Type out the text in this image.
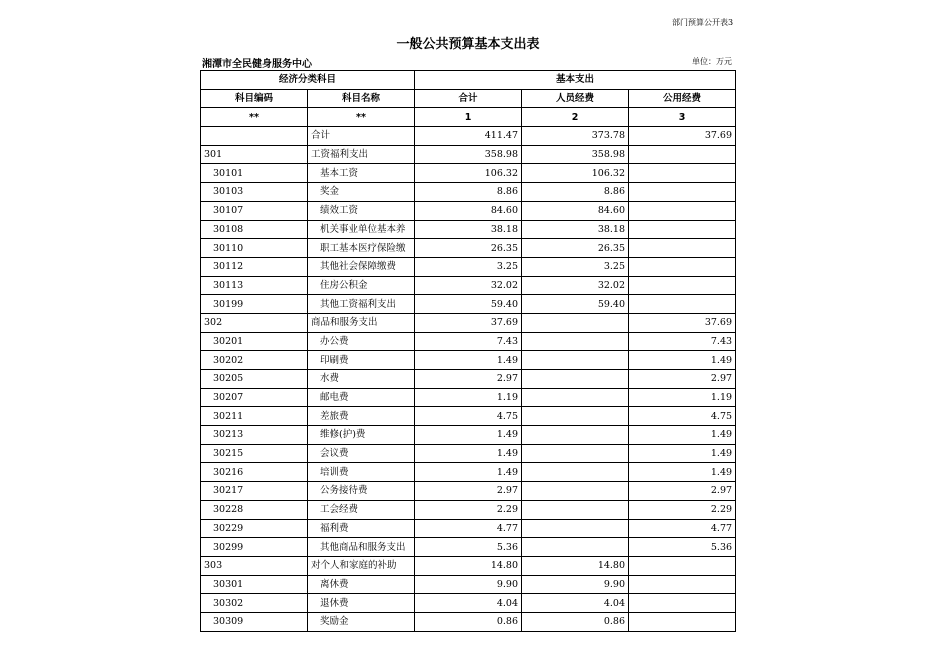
部门预算公开表3
一般公共预算基本支出表
湘潭市全民健身服务中心	单位：万元
经济分类科目		基本支出		
科目编码	科目名称	合计	人员经费	公用经费
**	**	1	2	3
	合计	411.47	373.78	37.69
301	工资福利支出	358.98	358.98	
30101	基本工资	106.32	106.32	
30103	奖金	8.86	8.86	
30107	绩效工资	84.60	84.60	
30108	机关事业单位基本养	38.18	38.18	
30110	职工基本医疗保险缴	26.35	26.35	
30112	其他社会保障缴费	3.25	3.25	
30113	住房公积金	32.02	32.02	
30199	其他工资福利支出	59.40	59.40	
302	商品和服务支出	37.69		37.69
30201	办公费	7.43		7.43
30202	印刷费	1.49		1.49
30205	水费	2.97		2.97
30207	邮电费	1.19		1.19
30211	差旅费	4.75		4.75
30213	维修(护)费	1.49		1.49
30215	会议费	1.49		1.49
30216	培训费	1.49		1.49
30217	公务接待费	2.97		2.97
30228	工会经费	2.29		2.29
30229	福利费	4.77		4.77
30299	其他商品和服务支出	5.36		5.36
303	对个人和家庭的补助	14.80	14.80	
30301	离休费	9.90	9.90	
30302	退休费	4.04	4.04	
30309	奖励金	0.86	0.86	
